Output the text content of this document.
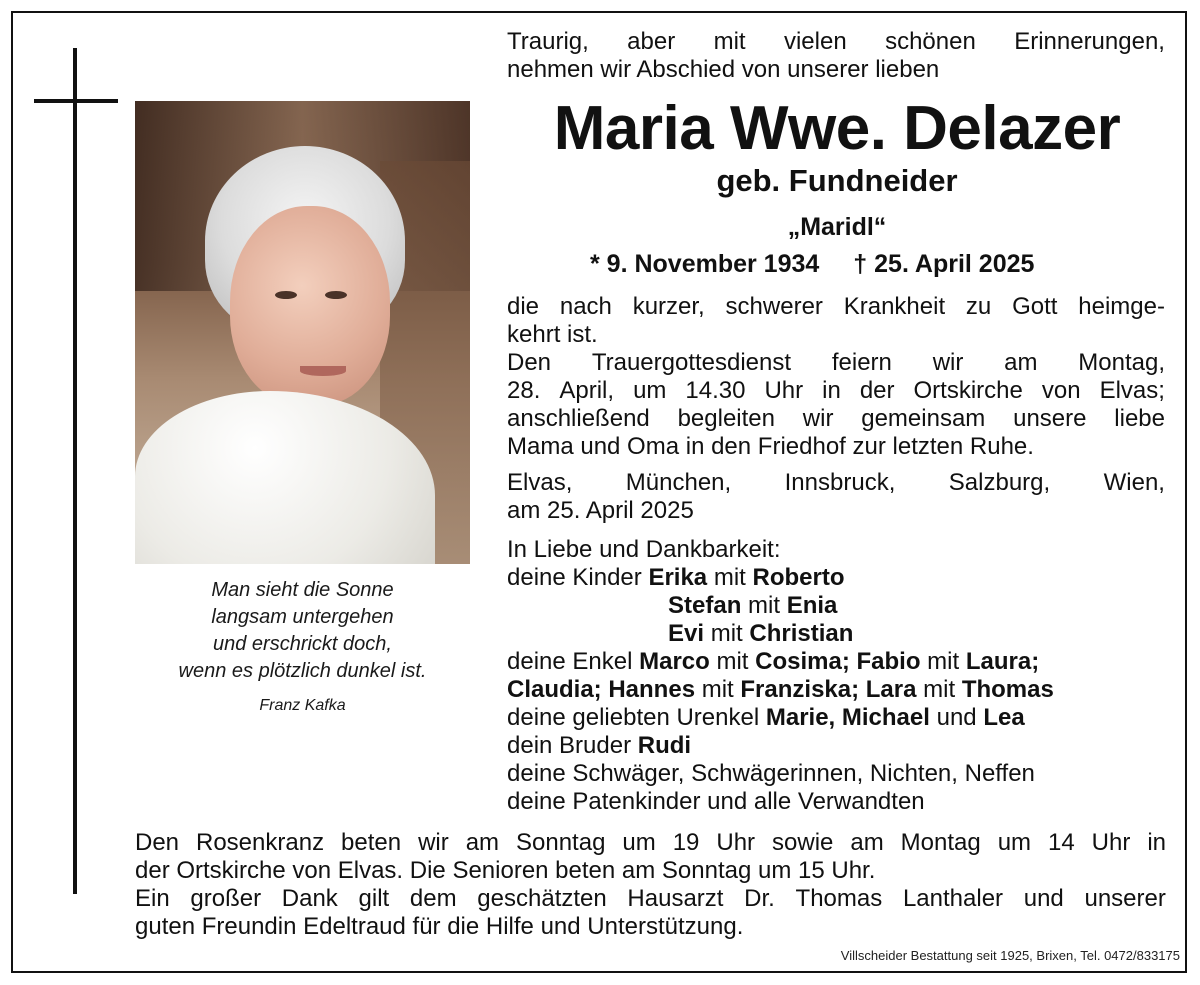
Man sieht die Sonne
langsam untergehen
und erschrickt doch,
wenn es plötzlich dunkel ist.
Franz Kafka
Traurig, aber mit vielen schönen Erinnerungen,
nehmen wir Abschied von unserer lieben
Maria Wwe. Delazer
geb. Fundneider
„Maridl“
* 9. November 1934 † 25. April 2025
die nach kurzer, schwerer Krankheit zu Gott heimge-
kehrt ist.
Den Trauergottesdienst feiern wir am Montag,
28. April, um 14.30 Uhr in der Ortskirche von Elvas;
anschließend begleiten wir gemeinsam unsere liebe
Mama und Oma in den Friedhof zur letzten Ruhe.
Elvas, München, Innsbruck, Salzburg, Wien,
am 25. April 2025
In Liebe und Dankbarkeit:
deine Kinder Erika mit Roberto
Stefan mit Enia
Evi mit Christian
deine Enkel Marco mit Cosima; Fabio mit Laura;
Claudia; Hannes mit Franziska; Lara mit Thomas
deine geliebten Urenkel Marie, Michael und Lea
dein Bruder Rudi
deine Schwäger, Schwägerinnen, Nichten, Neffen
deine Patenkinder und alle Verwandten
Den Rosenkranz beten wir am Sonntag um 19 Uhr sowie am Montag um 14 Uhr in
der Ortskirche von Elvas. Die Senioren beten am Sonntag um 15 Uhr.
Ein großer Dank gilt dem geschätzten Hausarzt Dr. Thomas Lanthaler und unserer
guten Freundin Edeltraud für die Hilfe und Unterstützung.
Villscheider Bestattung seit 1925, Brixen, Tel. 0472/833175
